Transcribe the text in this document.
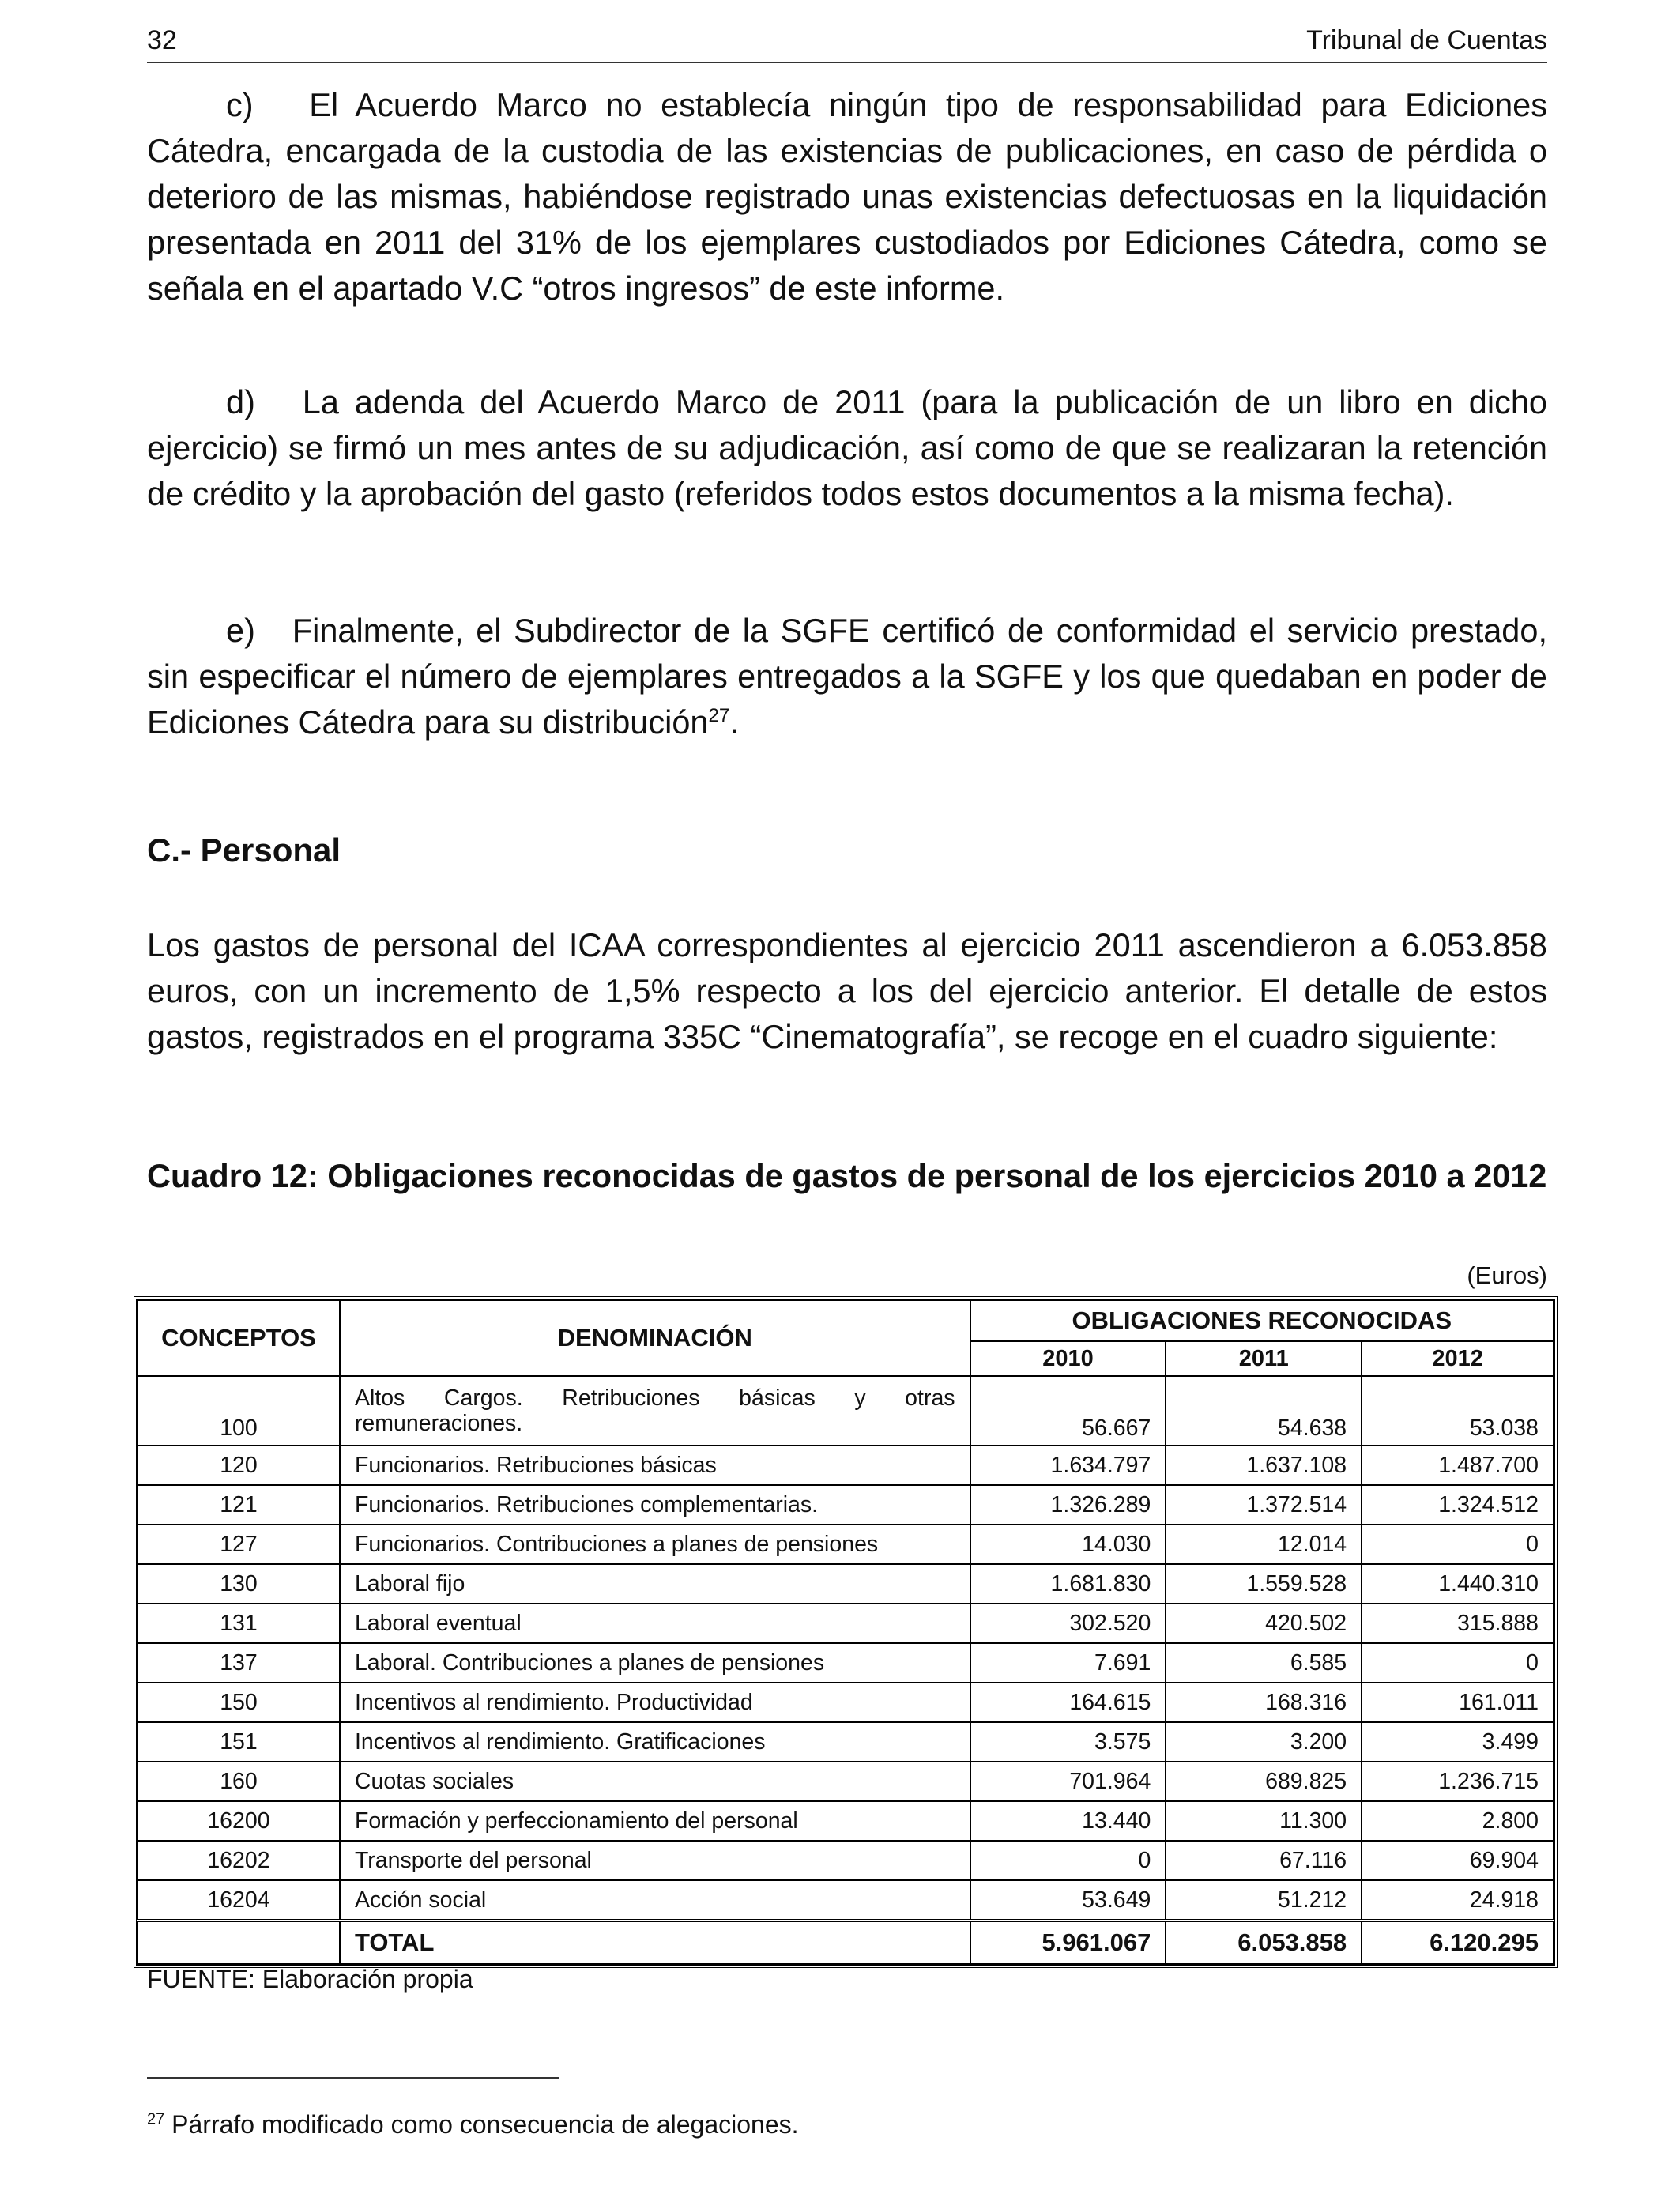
32	Tribunal de Cuentas

c)   El Acuerdo Marco no establecía ningún tipo de responsabilidad para Ediciones Cátedra, encargada de la custodia de las existencias de publicaciones, en caso de pérdida o deterioro de las mismas, habiéndose registrado unas existencias defectuosas en la liquidación presentada en 2011 del 31% de los ejemplares custodiados por Ediciones Cátedra, como se señala en el apartado V.C “otros ingresos” de este informe.

d)   La adenda del Acuerdo Marco de 2011 (para la publicación de un libro en dicho ejercicio) se firmó un mes antes de su adjudicación, así como de que se realizaran la retención de crédito y la aprobación del gasto (referidos todos estos documentos a la misma fecha).

e)   Finalmente, el Subdirector de la SGFE certificó de conformidad el servicio prestado, sin especificar el número de ejemplares entregados a la SGFE y los que quedaban en poder de Ediciones Cátedra para su distribución$^{27}$.

C.- Personal

Los gastos de personal del ICAA correspondientes al ejercicio 2011 ascendieron a 6.053.858 euros, con un incremento de 1,5% respecto a los del ejercicio anterior. El detalle de estos gastos, registrados en el programa 335C “Cinematografía”, se recoge en el cuadro siguiente:

Cuadro 12: Obligaciones reconocidas de gastos de personal de los ejercicios 2010 a 2012
(Euros)
CONCEPTOS	DENOMINACIÓN	OBLIGACIONES RECONOCIDAS		
		2010	2011	2012
100	Altos Cargos. Retribuciones básicas y otras remuneraciones.	56.667	54.638	53.038
120	Funcionarios. Retribuciones básicas	1.634.797	1.637.108	1.487.700
121	Funcionarios. Retribuciones complementarias.	1.326.289	1.372.514	1.324.512
127	Funcionarios. Contribuciones a planes de pensiones	14.030	12.014	0
130	Laboral fijo	1.681.830	1.559.528	1.440.310
131	Laboral eventual	302.520	420.502	315.888
137	Laboral. Contribuciones a planes de pensiones	7.691	6.585	0
150	Incentivos al rendimiento. Productividad	164.615	168.316	161.011
151	Incentivos al rendimiento. Gratificaciones	3.575	3.200	3.499
160	Cuotas sociales	701.964	689.825	1.236.715
16200	Formación y perfeccionamiento del personal	13.440	11.300	2.800
16202	Transporte del personal	0	67.116	69.904
16204	Acción social	53.649	51.212	24.918
	TOTAL	5.961.067	6.053.858	6.120.295
FUENTE: Elaboración propia
$^{27}$ Párrafo modificado como consecuencia de alegaciones.
